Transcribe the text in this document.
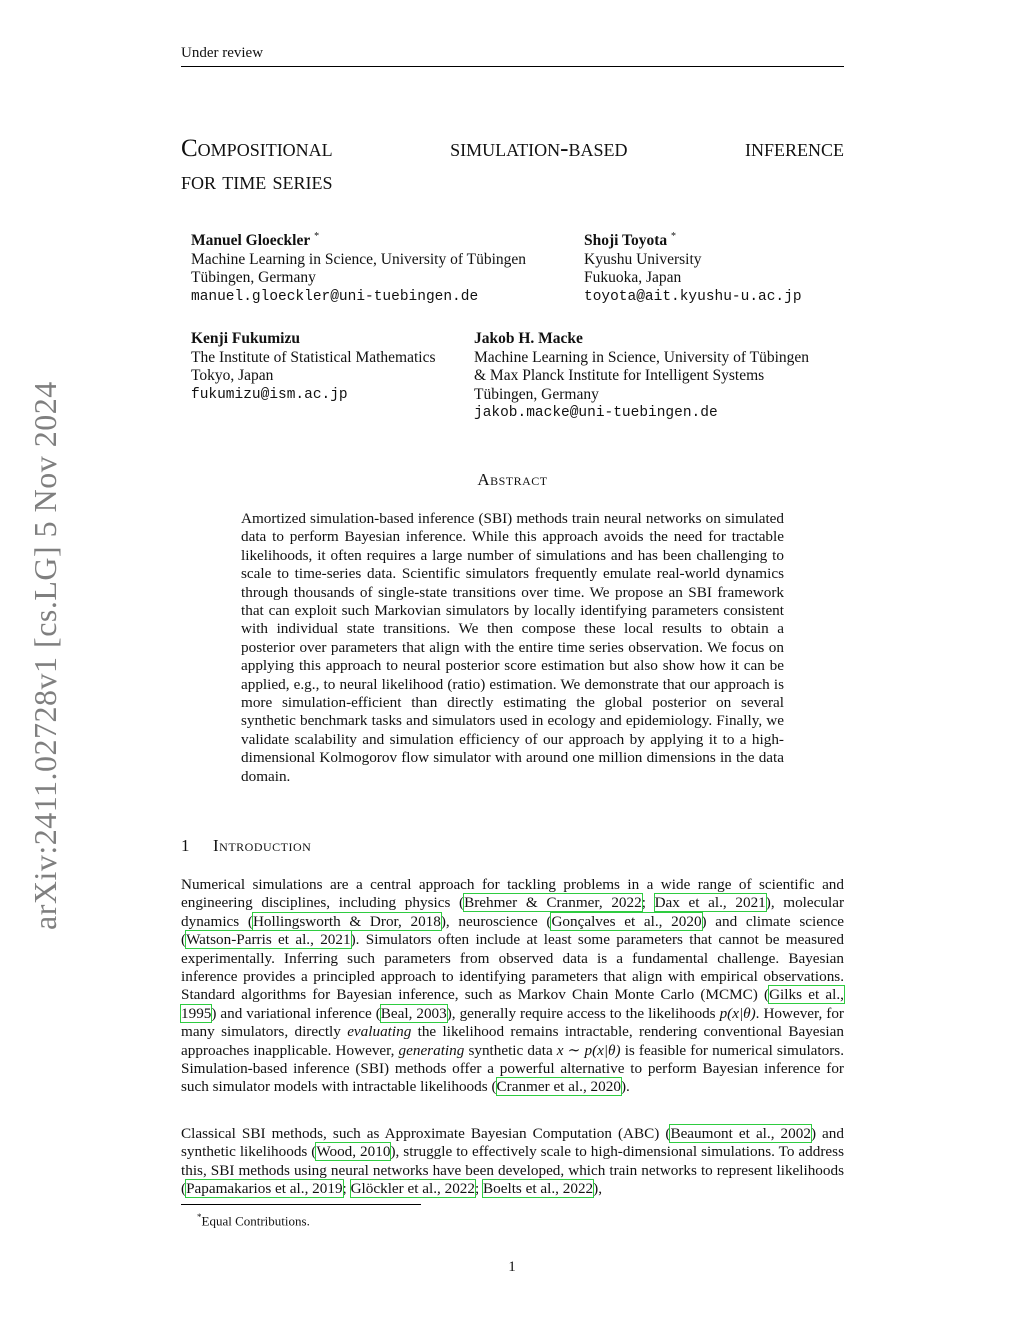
Under review
arXiv:2411.02728v1 [cs.LG] 5 Nov 2024
Compositional	simulation-based	inference
for time series
Manuel Gloeckler *
Machine Learning in Science, University of Tübingen
Tübingen, Germany
manuel.gloeckler@uni-tuebingen.de
Shoji Toyota *
Kyushu University
Fukuoka, Japan
toyota@ait.kyushu-u.ac.jp
Kenji Fukumizu
The Institute of Statistical Mathematics
Tokyo, Japan
fukumizu@ism.ac.jp
Jakob H. Macke
Machine Learning in Science, University of Tübingen
& Max Planck Institute for Intelligent Systems
Tübingen, Germany
jakob.macke@uni-tuebingen.de
Abstract

Amortized simulation-based inference (SBI) methods train neural networks on simulated data to perform Bayesian inference. While this approach avoids the need for tractable likelihoods, it often requires a large number of simulations and has been challenging to scale to time-series data. Scientific simulators frequently emulate real-world dynamics through thousands of single-state transitions over time. We propose an SBI framework that can exploit such Markovian simulators by locally identifying parameters consistent with individual state transitions. We then compose these local results to obtain a posterior over parameters that align with the entire time series observation. We focus on applying this approach to neural posterior score estimation but also show how it can be applied, e.g., to neural likelihood (ratio) estimation. We demonstrate that our approach is more simulation-efficient than directly estimating the global posterior on several synthetic benchmark tasks and simulators used in ecology and epidemiology. Finally, we validate scalability and simulation efficiency of our approach by applying it to a high-dimensional Kolmogorov flow simulator with around one million dimensions in the data domain.

1 Introduction

Numerical simulations are a central approach for tackling problems in a wide range of scientific and engineering disciplines, including physics (Brehmer & Cranmer, 2022; Dax et al., 2021), molecular dynamics (Hollingsworth & Dror, 2018), neuroscience (Gonçalves et al., 2020) and climate science (Watson-Parris et al., 2021). Simulators often include at least some parameters that cannot be measured experimentally. Inferring such parameters from observed data is a fundamental challenge. Bayesian inference provides a principled approach to identifying parameters that align with empirical observations. Standard algorithms for Bayesian inference, such as Markov Chain Monte Carlo (MCMC) (Gilks et al., 1995) and variational inference (Beal, 2003), generally require access to the likelihoods p(x|θ). However, for many simulators, directly evaluating the likelihood remains intractable, rendering conventional Bayesian approaches inapplicable. However, generating synthetic data x ∼ p(x|θ) is feasible for numerical simulators. Simulation-based inference (SBI) methods offer a powerful alternative to perform Bayesian inference for such simulator models with intractable likelihoods (Cranmer et al., 2020).

Classical SBI methods, such as Approximate Bayesian Computation (ABC) (Beaumont et al., 2002) and synthetic likelihoods (Wood, 2010), struggle to effectively scale to high-dimensional simulations. To address this, SBI methods using neural networks have been developed, which train networks to represent likelihoods (Papamakarios et al., 2019; Glöckler et al., 2022; Boelts et al., 2022),

*Equal Contributions.
1
